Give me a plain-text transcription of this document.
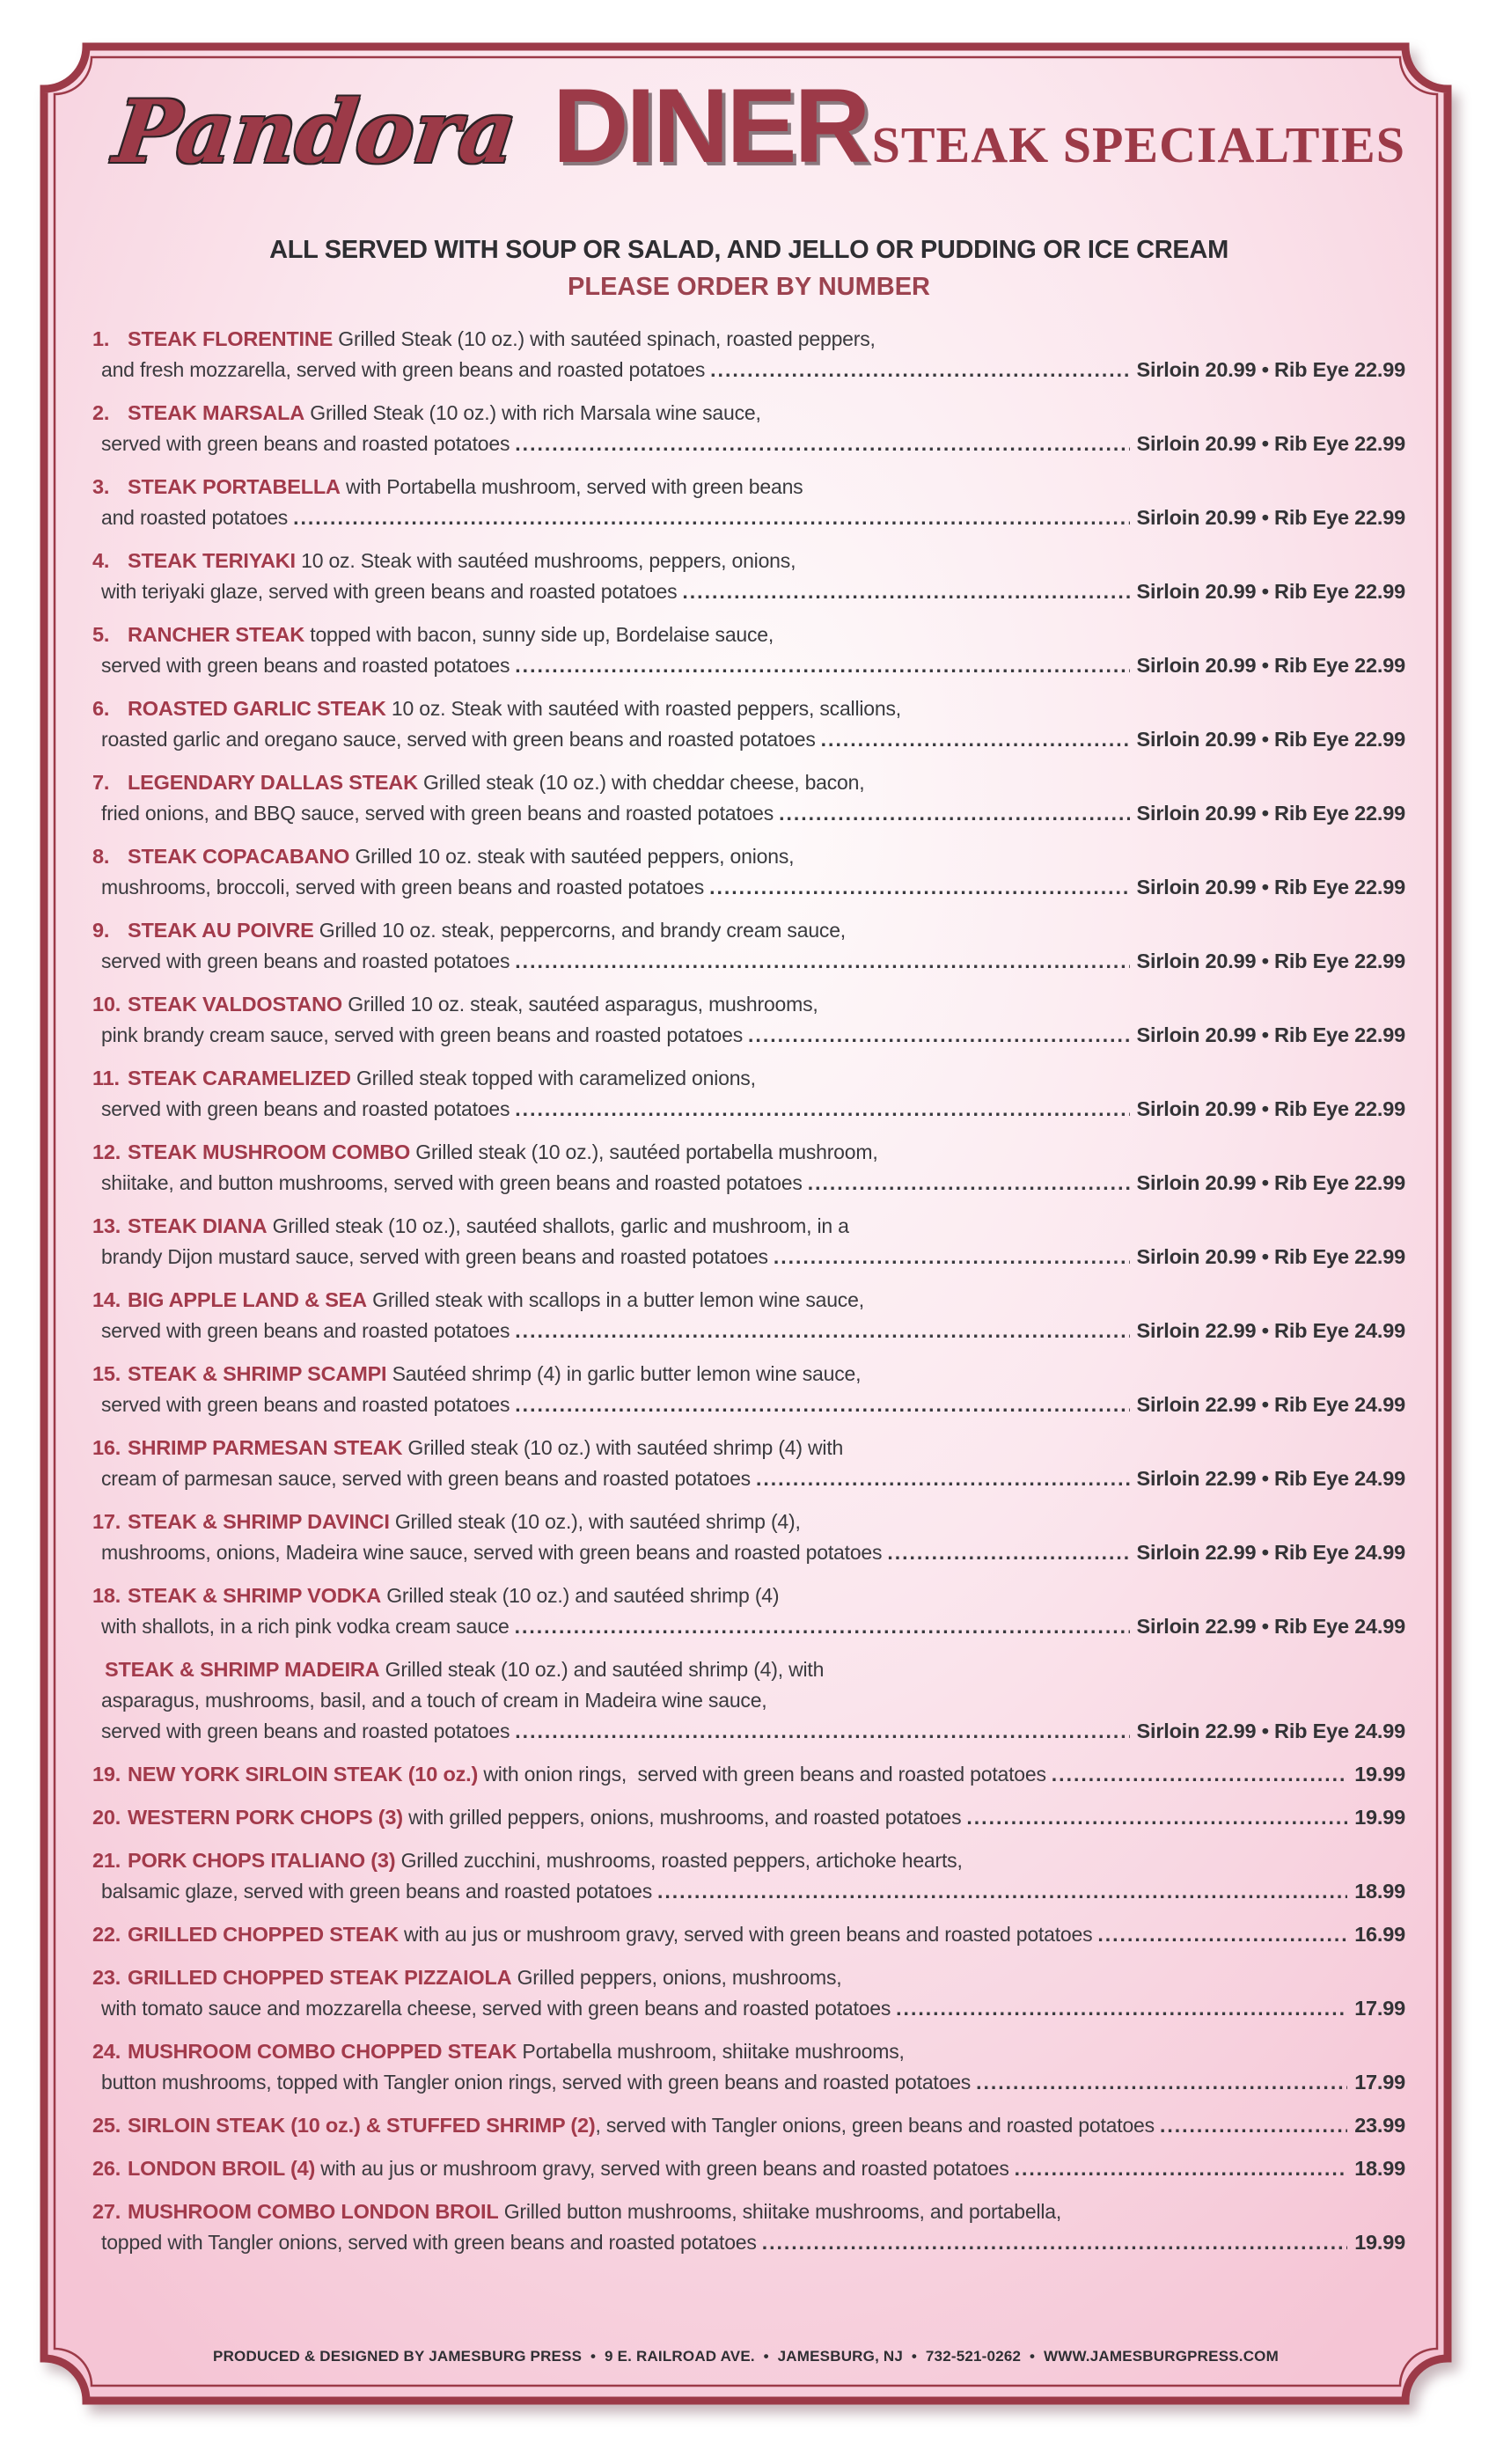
Pandora DINER STEAK SPECIALTIES
ALL SERVED WITH SOUP OR SALAD, AND JELLO OR PUDDING OR ICE CREAM
PLEASE ORDER BY NUMBER
1. STEAK FLORENTINE Grilled Steak (10 oz.) with sautéed spinach, roasted peppers,
and fresh mozzarella, served with green beans and roasted potatoes .....	Sirloin 20.99 • Rib Eye 22.99
2. STEAK MARSALA Grilled Steak (10 oz.) with rich Marsala wine sauce,
served with green beans and roasted potatoes .....	Sirloin 20.99 • Rib Eye 22.99
3. STEAK PORTABELLA with Portabella mushroom, served with green beans
and roasted potatoes .....	Sirloin 20.99 • Rib Eye 22.99
4. STEAK TERIYAKI 10 oz. Steak with sautéed mushrooms, peppers, onions,
with teriyaki glaze, served with green beans and roasted potatoes .....	Sirloin 20.99 • Rib Eye 22.99
5. RANCHER STEAK topped with bacon, sunny side up, Bordelaise sauce,
served with green beans and roasted potatoes .....	Sirloin 20.99 • Rib Eye 22.99
6. ROASTED GARLIC STEAK 10 oz. Steak with sautéed with roasted peppers, scallions,
roasted garlic and oregano sauce, served with green beans and roasted potatoes .....	Sirloin 20.99 • Rib Eye 22.99
7. LEGENDARY DALLAS STEAK Grilled steak (10 oz.) with cheddar cheese, bacon,
fried onions, and BBQ sauce, served with green beans and roasted potatoes .....	Sirloin 20.99 • Rib Eye 22.99
8. STEAK COPACABANO Grilled 10 oz. steak with sautéed peppers, onions,
mushrooms, broccoli, served with green beans and roasted potatoes .....	Sirloin 20.99 • Rib Eye 22.99
9. STEAK AU POIVRE Grilled 10 oz. steak, peppercorns, and brandy cream sauce,
served with green beans and roasted potatoes .....	Sirloin 20.99 • Rib Eye 22.99
10. STEAK VALDOSTANO Grilled 10 oz. steak, sautéed asparagus, mushrooms,
pink brandy cream sauce, served with green beans and roasted potatoes .....	Sirloin 20.99 • Rib Eye 22.99
11. STEAK CARAMELIZED Grilled steak topped with caramelized onions,
served with green beans and roasted potatoes .....	Sirloin 20.99 • Rib Eye 22.99
12. STEAK MUSHROOM COMBO Grilled steak (10 oz.), sautéed portabella mushroom,
shiitake, and button mushrooms, served with green beans and roasted potatoes .....	Sirloin 20.99 • Rib Eye 22.99
13. STEAK DIANA Grilled steak (10 oz.), sautéed shallots, garlic and mushroom, in a
brandy Dijon mustard sauce, served with green beans and roasted potatoes .....	Sirloin 20.99 • Rib Eye 22.99
14. BIG APPLE LAND & SEA Grilled steak with scallops in a butter lemon wine sauce,
served with green beans and roasted potatoes .....	Sirloin 22.99 • Rib Eye 24.99
15. STEAK & SHRIMP SCAMPI Sautéed shrimp (4) in garlic butter lemon wine sauce,
served with green beans and roasted potatoes .....	Sirloin 22.99 • Rib Eye 24.99
16. SHRIMP PARMESAN STEAK Grilled steak (10 oz.) with sautéed shrimp (4) with
cream of parmesan sauce, served with green beans and roasted potatoes .....	Sirloin 22.99 • Rib Eye 24.99
17. STEAK & SHRIMP DAVINCI Grilled steak (10 oz.), with sautéed shrimp (4),
mushrooms, onions, Madeira wine sauce, served with green beans and roasted potatoes .....	Sirloin 22.99 • Rib Eye 24.99
18. STEAK & SHRIMP VODKA Grilled steak (10 oz.) and sautéed shrimp (4)
with shallots, in a rich pink vodka cream sauce .....	Sirloin 22.99 • Rib Eye 24.99
STEAK & SHRIMP MADEIRA Grilled steak (10 oz.) and sautéed shrimp (4), with
asparagus, mushrooms, basil, and a touch of cream in Madeira wine sauce,
served with green beans and roasted potatoes .....	Sirloin 22.99 • Rib Eye 24.99
19. NEW YORK SIRLOIN STEAK (10 oz.) with onion rings,  served with green beans and roasted potatoes .....	19.99
20. WESTERN PORK CHOPS (3) with grilled peppers, onions, mushrooms, and roasted potatoes .....	19.99
21. PORK CHOPS ITALIANO (3) Grilled zucchini, mushrooms, roasted peppers, artichoke hearts,
balsamic glaze, served with green beans and roasted potatoes .....	18.99
22. GRILLED CHOPPED STEAK with au jus or mushroom gravy, served with green beans and roasted potatoes .....	16.99
23. GRILLED CHOPPED STEAK PIZZAIOLA Grilled peppers, onions, mushrooms,
with tomato sauce and mozzarella cheese, served with green beans and roasted potatoes .....	17.99
24. MUSHROOM COMBO CHOPPED STEAK Portabella mushroom, shiitake mushrooms,
button mushrooms, topped with Tangler onion rings, served with green beans and roasted potatoes .....	17.99
25. SIRLOIN STEAK (10 oz.) & STUFFED SHRIMP (2), served with Tangler onions, green beans and roasted potatoes .....	23.99
26. LONDON BROIL (4) with au jus or mushroom gravy, served with green beans and roasted potatoes .....	18.99
27. MUSHROOM COMBO LONDON BROIL Grilled button mushrooms, shiitake mushrooms, and portabella,
topped with Tangler onions, served with green beans and roasted potatoes .....	19.99
PRODUCED & DESIGNED BY JAMESBURG PRESS  •  9 E. RAILROAD AVE.  •  JAMESBURG, NJ  •  732-521-0262  •  WWW.JAMESBURGPRESS.COM
